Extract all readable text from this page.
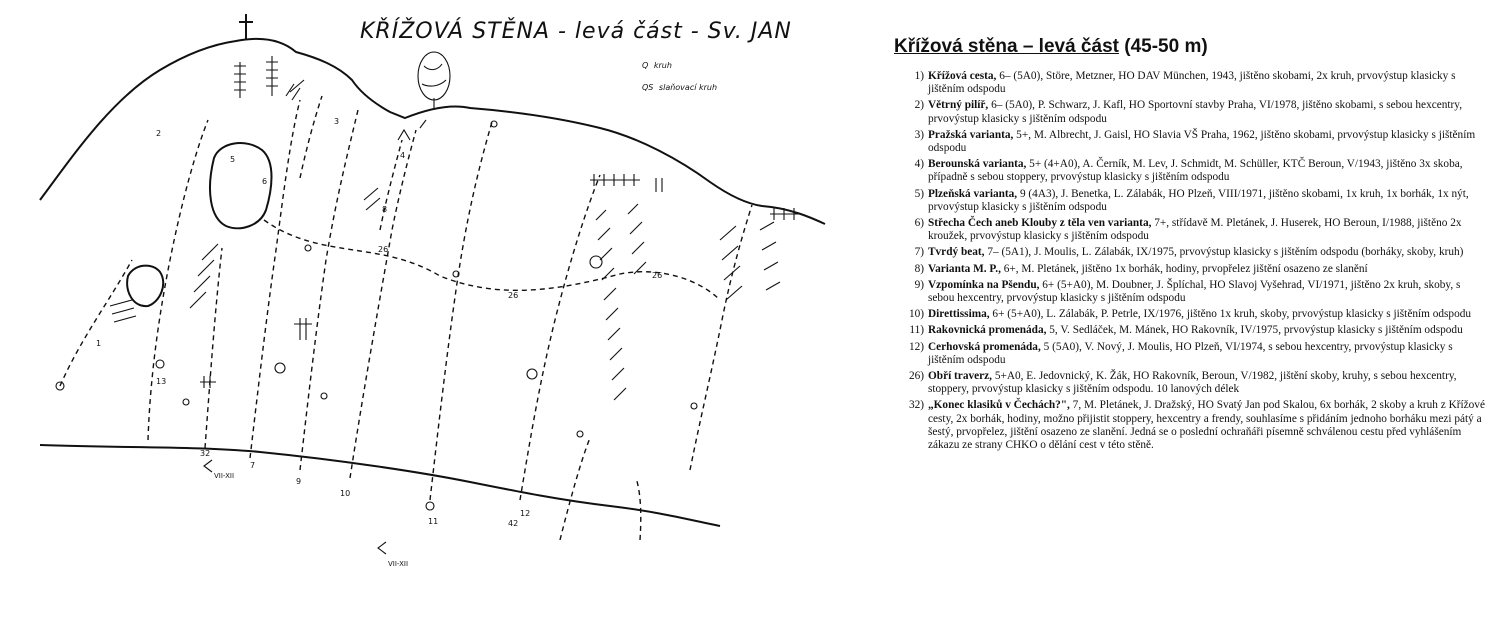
KŘÍŽOVÁ STĚNA - levá část - Sv. JAN
Q kruh
QS slaňovací kruh
1
2
3
4
5
6
7
8
9
10
11
12
13
26
26
26
32
42
VII-XII
VII-XII
Křížová stěna – levá část (45-50 m)
1) Křížová cesta, 6– (5A0), Störe, Metzner, HO DAV München, 1943, jištěno skobami, 2x kruh, prvovýstup klasicky s jištěním odspodu
2) Větrný pilíř, 6– (5A0), P. Schwarz, J. Kafl, HO Sportovní stavby Praha, VI/1978, jištěno skobami, s sebou hexcentry, prvovýstup klasicky s jištěním odspodu
3) Pražská varianta, 5+, M. Albrecht, J. Gaisl, HO Slavia VŠ Praha, 1962, jištěno skobami, prvovýstup klasicky s jištěním odspodu
4) Berounská varianta, 5+ (4+A0), A. Černík, M. Lev, J. Schmidt, M. Schüller, KTČ Beroun, V/1943, jištěno 3x skoba, případně s sebou stoppery, prvovýstup klasicky s jištěním odspodu
5) Plzeňská varianta, 9 (4A3), J. Benetka, L. Zálabák, HO Plzeň, VIII/1971, jištěno skobami, 1x kruh, 1x borhák, 1x nýt, prvovýstup klasicky s jištěním odspodu
6) Střecha Čech aneb Klouby z těla ven varianta, 7+, střídavě M. Pletánek, J. Huserek, HO Beroun, I/1988, jištěno 2x kroužek, prvovýstup klasicky s jištěním odspodu
7) Tvrdý beat, 7– (5A1), J. Moulis, L. Zálabák, IX/1975, prvovýstup klasicky s jištěním odspodu (borháky, skoby, kruh)
8) Varianta M. P., 6+, M. Pletánek, jištěno 1x borhák, hodiny, prvopřelez jištění osazeno ze slanění
9) Vzpomínka na Pšendu, 6+ (5+A0), M. Doubner, J. Šplíchal, HO Slavoj Vyšehrad, VI/1971, jištěno 2x kruh, skoby, s sebou hexcentry, prvovýstup klasicky s jištěním odspodu
10) Direttissima, 6+ (5+A0), L. Zálabák, P. Petrle, IX/1976, jištěno 1x kruh, skoby, prvovýstup klasicky s jištěním odspodu
11) Rakovnická promenáda, 5, V. Sedláček, M. Mánek, HO Rakovník, IV/1975, prvovýstup klasicky s jištěním odspodu
12) Cerhovská promenáda, 5 (5A0), V. Nový, J. Moulis, HO Plzeň, VI/1974, s sebou hexcentry, prvovýstup klasicky s jištěním odspodu
26) Obří traverz, 5+A0, E. Jedovnický, K. Žák, HO Rakovník, Beroun, V/1982, jištění skoby, kruhy, s sebou hexcentry, stoppery, prvovýstup klasicky s jištěním odspodu. 10 lanových délek
32) „Konec klasiků v Čechách?", 7, M. Pletánek, J. Dražský, HO Svatý Jan pod Skalou, 6x borhák, 2 skoby a kruh z Křížové cesty, 2x borhák, hodiny, možno přijistit stoppery, hexcentry a frendy, souhlasíme s přidáním jednoho borháku mezi pátý a šestý, prvopřelez, jištění osazeno ze slanění. Jedná se o poslední ochraňáři písemně schválenou cestu před vyhlášením zákazu ze strany CHKO o dělání cest v této stěně.
